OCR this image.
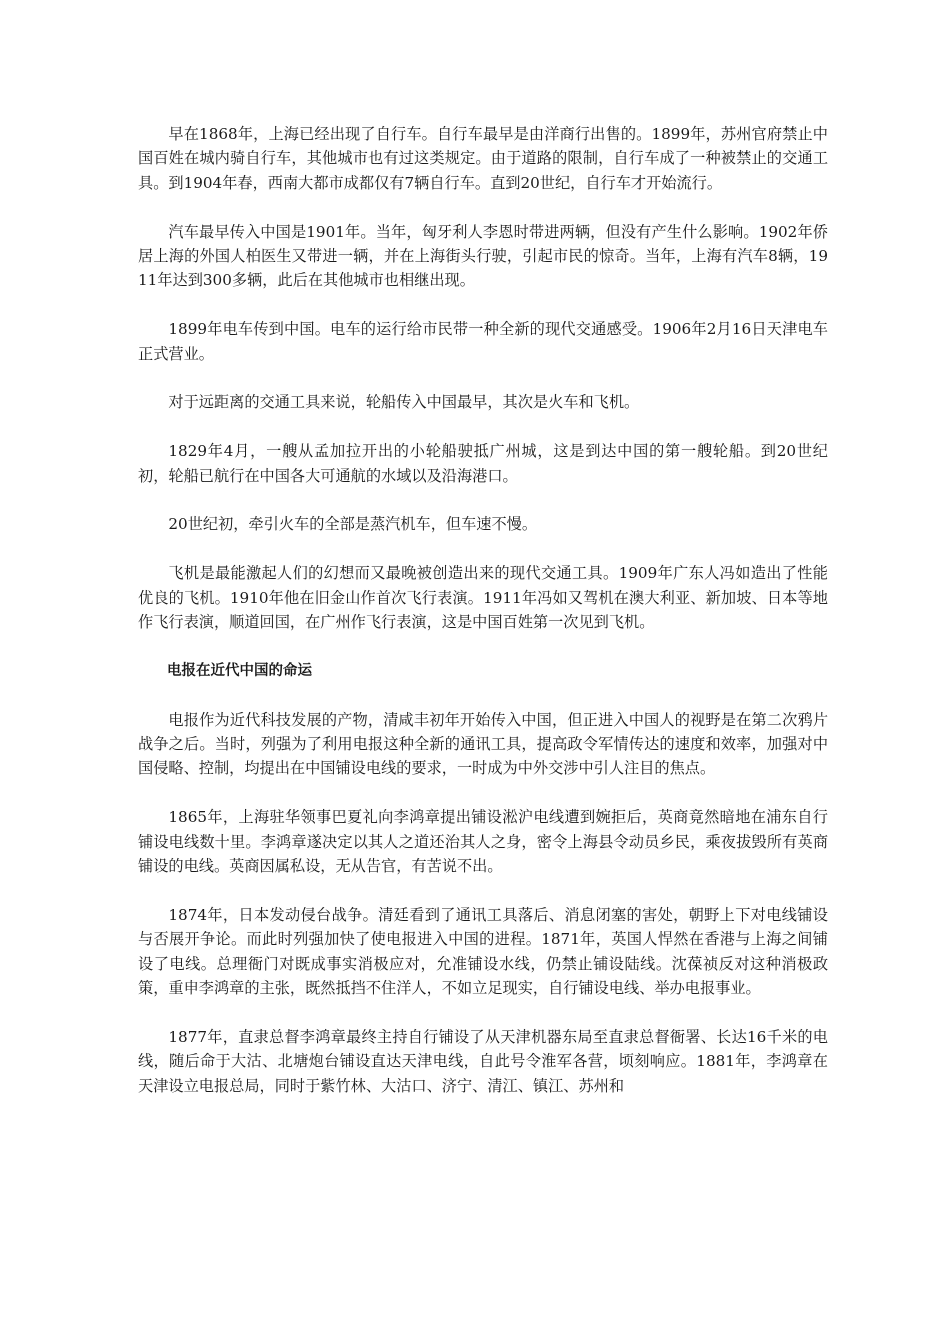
早在1868年，上海已经出现了自行车。自行车最早是由洋商行出售的。1899年，苏州官府禁止中国百姓在城内骑自行车，其他城市也有过这类规定。由于道路的限制，自行车成了一种被禁止的交通工具。到1904年春，西南大都市成都仅有7辆自行车。直到20世纪，自行车才开始流行。

汽车最早传入中国是1901年。当年，匈牙利人李恩时带进两辆，但没有产生什么影响。1902年侨居上海的外国人柏医生又带进一辆，并在上海街头行驶，引起市民的惊奇。当年，上海有汽车8辆，1911年达到300多辆，此后在其他城市也相继出现。

1899年电车传到中国。电车的运行给市民带一种全新的现代交通感受。1906年2月16日天津电车正式营业。

对于远距离的交通工具来说，轮船传入中国最早，其次是火车和飞机。

1829年4月，一艘从孟加拉开出的小轮船驶抵广州城，这是到达中国的第一艘轮船。到20世纪初，轮船已航行在中国各大可通航的水域以及沿海港口。

20世纪初，牵引火车的全部是蒸汽机车，但车速不慢。

飞机是最能激起人们的幻想而又最晚被创造出来的现代交通工具。1909年广东人冯如造出了性能优良的飞机。1910年他在旧金山作首次飞行表演。1911年冯如又驾机在澳大利亚、新加坡、日本等地作飞行表演，顺道回国，在广州作飞行表演，这是中国百姓第一次见到飞机。

电报在近代中国的命运

电报作为近代科技发展的产物，清咸丰初年开始传入中国，但正进入中国人的视野是在第二次鸦片战争之后。当时，列强为了利用电报这种全新的通讯工具，提高政令军情传达的速度和效率，加强对中国侵略、控制，均提出在中国铺设电线的要求，一时成为中外交涉中引人注目的焦点。

1865年，上海驻华领事巴夏礼向李鸿章提出铺设淞沪电线遭到婉拒后，英商竟然暗地在浦东自行铺设电线数十里。李鸿章遂决定以其人之道还治其人之身，密令上海县令动员乡民，乘夜拔毁所有英商铺设的电线。英商因属私设，无从告官，有苦说不出。

1874年，日本发动侵台战争。清廷看到了通讯工具落后、消息闭塞的害处，朝野上下对电线铺设与否展开争论。而此时列强加快了使电报进入中国的进程。1871年，英国人悍然在香港与上海之间铺设了电线。总理衙门对既成事实消极应对，允准铺设水线，仍禁止铺设陆线。沈葆祯反对这种消极政策，重申李鸿章的主张，既然抵挡不住洋人，不如立足现实，自行铺设电线、举办电报事业。

1877年，直隶总督李鸿章最终主持自行铺设了从天津机器东局至直隶总督衙署、长达16千米的电线，随后命于大沽、北塘炮台铺设直达天津电线，自此号令淮军各营，顷刻响应。1881年，李鸿章在天津设立电报总局，同时于紫竹林、大沽口、济宁、清江、镇江、苏州和
